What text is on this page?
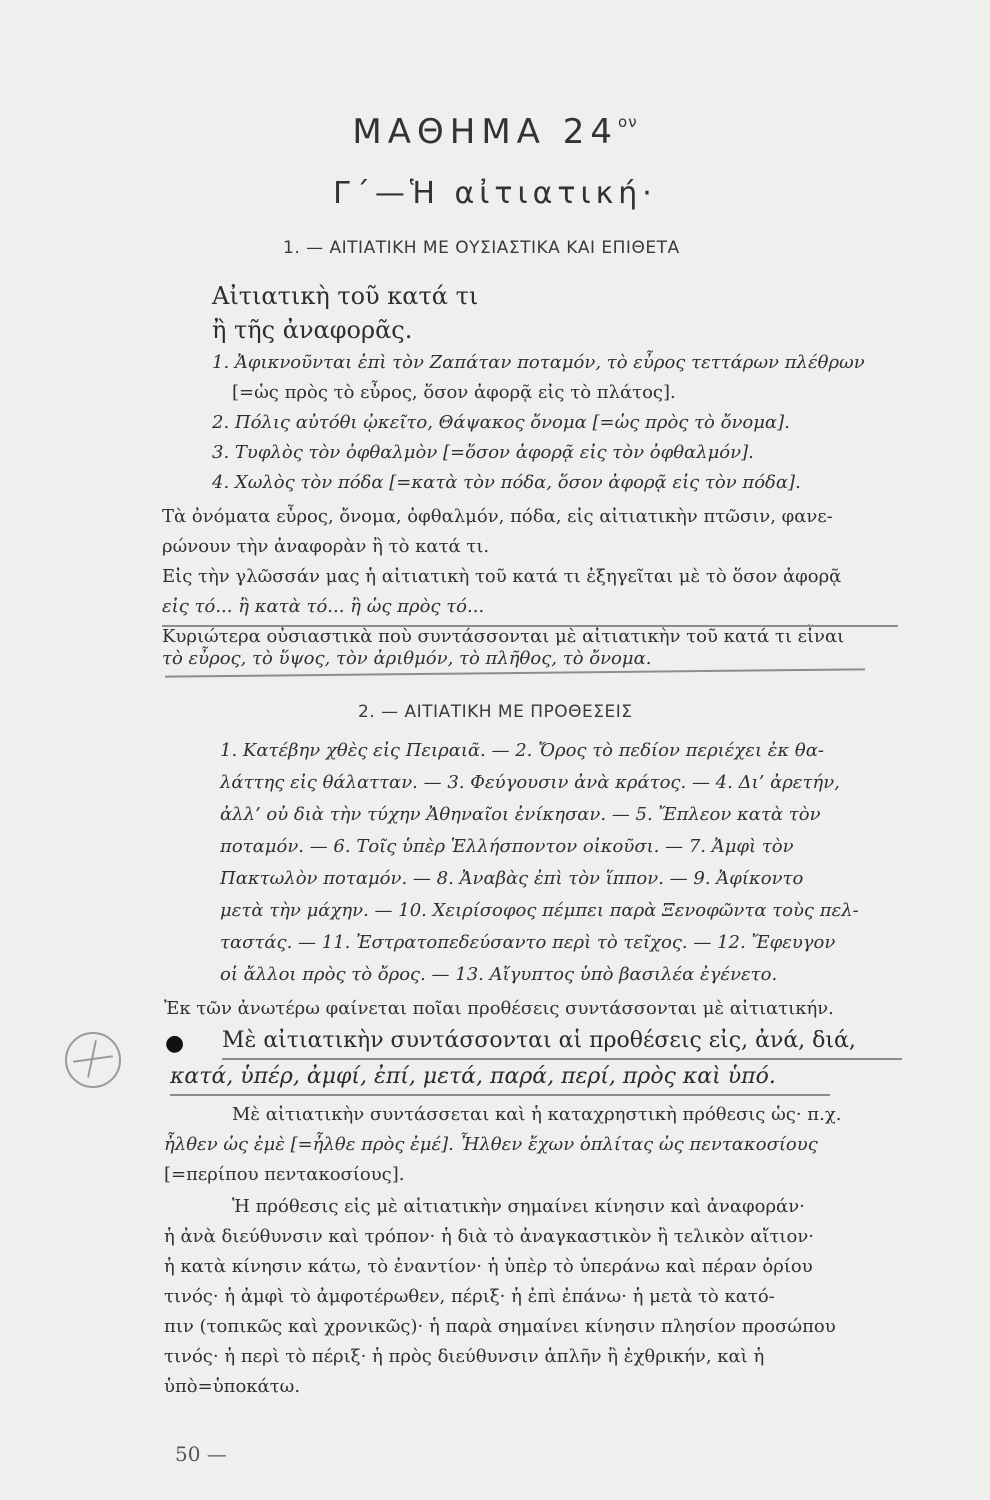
ΜΑΘΗΜΑ $24^{o\nu}$
Γ΄—Ἡ αἰτιατική·
1. — ΑΙΤΙΑΤΙΚΗ ΜΕ ΟΥΣΙΑΣΤΙΚΑ ΚΑΙ ΕΠΙΘΕΤΑ
Αἰτιατικὴ τοῦ κατά τι
ἢ τῆς ἀναφορᾶς.
1. Ἀφικνοῦνται ἐπὶ τὸν Ζαπάταν ποταμόν, τὸ εὖρος τεττάρων πλέθρων
[=ὡς πρὸς τὸ εὖρος, ὅσον ἀφορᾷ εἰς τὸ πλάτος].
2. Πόλις αὐτόθι ᾠκεῖτο, Θάψακος ὄνομα [=ὡς πρὸς τὸ ὄνομα].
3. Τυφλὸς τὸν ὀφθαλμὸν [=ὅσον ἀφορᾷ εἰς τὸν ὀφθαλμόν].
4. Χωλὸς τὸν πόδα [=κατὰ τὸν πόδα, ὅσον ἀφορᾷ εἰς τὸν πόδα].
Τὰ ὀνόματα εὖρος, ὄνομα, ὀφθαλμόν, πόδα, εἰς αἰτιατικὴν πτῶσιν, φανε-
ρώνουν τὴν ἀναφορὰν ἢ τὸ κατά τι.
Εἰς τὴν γλῶσσάν μας ἡ αἰτιατικὴ τοῦ κατά τι ἐξηγεῖται μὲ τὸ ὅσον ἀφορᾷ
εἰς τό... ἢ κατὰ τό... ἢ ὡς πρὸς τό...
Κυριώτερα οὐσιαστικὰ ποὺ συντάσσονται μὲ αἰτιατικὴν τοῦ κατά τι εἶναι
τὸ εὖρος, τὸ ὕψος, τὸν ἀριθμόν, τὸ πλῆθος, τὸ ὄνομα.
2. — ΑΙΤΙΑΤΙΚΗ ΜΕ ΠΡΟΘΕΣΕΙΣ
1. Κατέβην χθὲς εἰς Πειραιᾶ. — 2. Ὄρος τὸ πεδίον περιέχει ἐκ θα-
λάττης εἰς θάλατταν. — 3. Φεύγουσιν ἀνὰ κράτος. — 4. Δι’ ἀρετήν,
ἀλλ’ οὐ διὰ τὴν τύχην Ἀθηναῖοι ἐνίκησαν. — 5. Ἔπλεον κατὰ τὸν
ποταμόν. — 6. Τοῖς ὑπὲρ Ἑλλήσποντον οἰκοῦσι. — 7. Ἀμφὶ τὸν
Πακτωλὸν ποταμόν. — 8. Ἀναβὰς ἐπὶ τὸν ἵππον. — 9. Ἀφίκοντο
μετὰ τὴν μάχην. — 10. Χειρίσοφος πέμπει παρὰ Ξενοφῶντα τοὺς πελ-
ταστάς. — 11. Ἐστρατοπεδεύσαντο περὶ τὸ τεῖχος. — 12. Ἔφευγον
οἱ ἄλλοι πρὸς τὸ ὄρος. — 13. Αἴγυπτος ὑπὸ βασιλέα ἐγένετο.
Ἐκ τῶν ἀνωτέρω φαίνεται ποῖαι προθέσεις συντάσσονται μὲ αἰτιατικήν.
● Μὲ αἰτιατικὴν συντάσσονται αἱ προθέσεις εἰς, ἀνά, διά,
κατά, ὑπέρ, ἀμφί, ἐπί, μετά, παρά, περί, πρὸς καὶ ὑπό.
Μὲ αἰτιατικὴν συντάσσεται καὶ ἡ καταχρηστικὴ πρόθεσις ὡς· π.χ.
ἦλθεν ὡς ἐμὲ [=ἦλθε πρὸς ἐμέ]. Ἦλθεν ἔχων ὁπλίτας ὡς πεντακοσίους
[=περίπου πεντακοσίους].
Ἡ πρόθεσις εἰς μὲ αἰτιατικὴν σημαίνει κίνησιν καὶ ἀναφοράν·
ἡ ἀνὰ διεύθυνσιν καὶ τρόπον· ἡ διὰ τὸ ἀναγκαστικὸν ἢ τελικὸν αἴτιον·
ἡ κατὰ κίνησιν κάτω, τὸ ἐναντίον· ἡ ὑπὲρ τὸ ὑπεράνω καὶ πέραν ὁρίου
τινός· ἡ ἀμφὶ τὸ ἀμφοτέρωθεν, πέριξ· ἡ ἐπὶ ἐπάνω· ἡ μετὰ τὸ κατό-
πιν (τοπικῶς καὶ χρονικῶς)· ἡ παρὰ σημαίνει κίνησιν πλησίον προσώπου
τινός· ἡ περὶ τὸ πέριξ· ἡ πρὸς διεύθυνσιν ἁπλῆν ἢ ἐχθρικήν, καὶ ἡ
ὑπὸ=ὑποκάτω.
50 —
